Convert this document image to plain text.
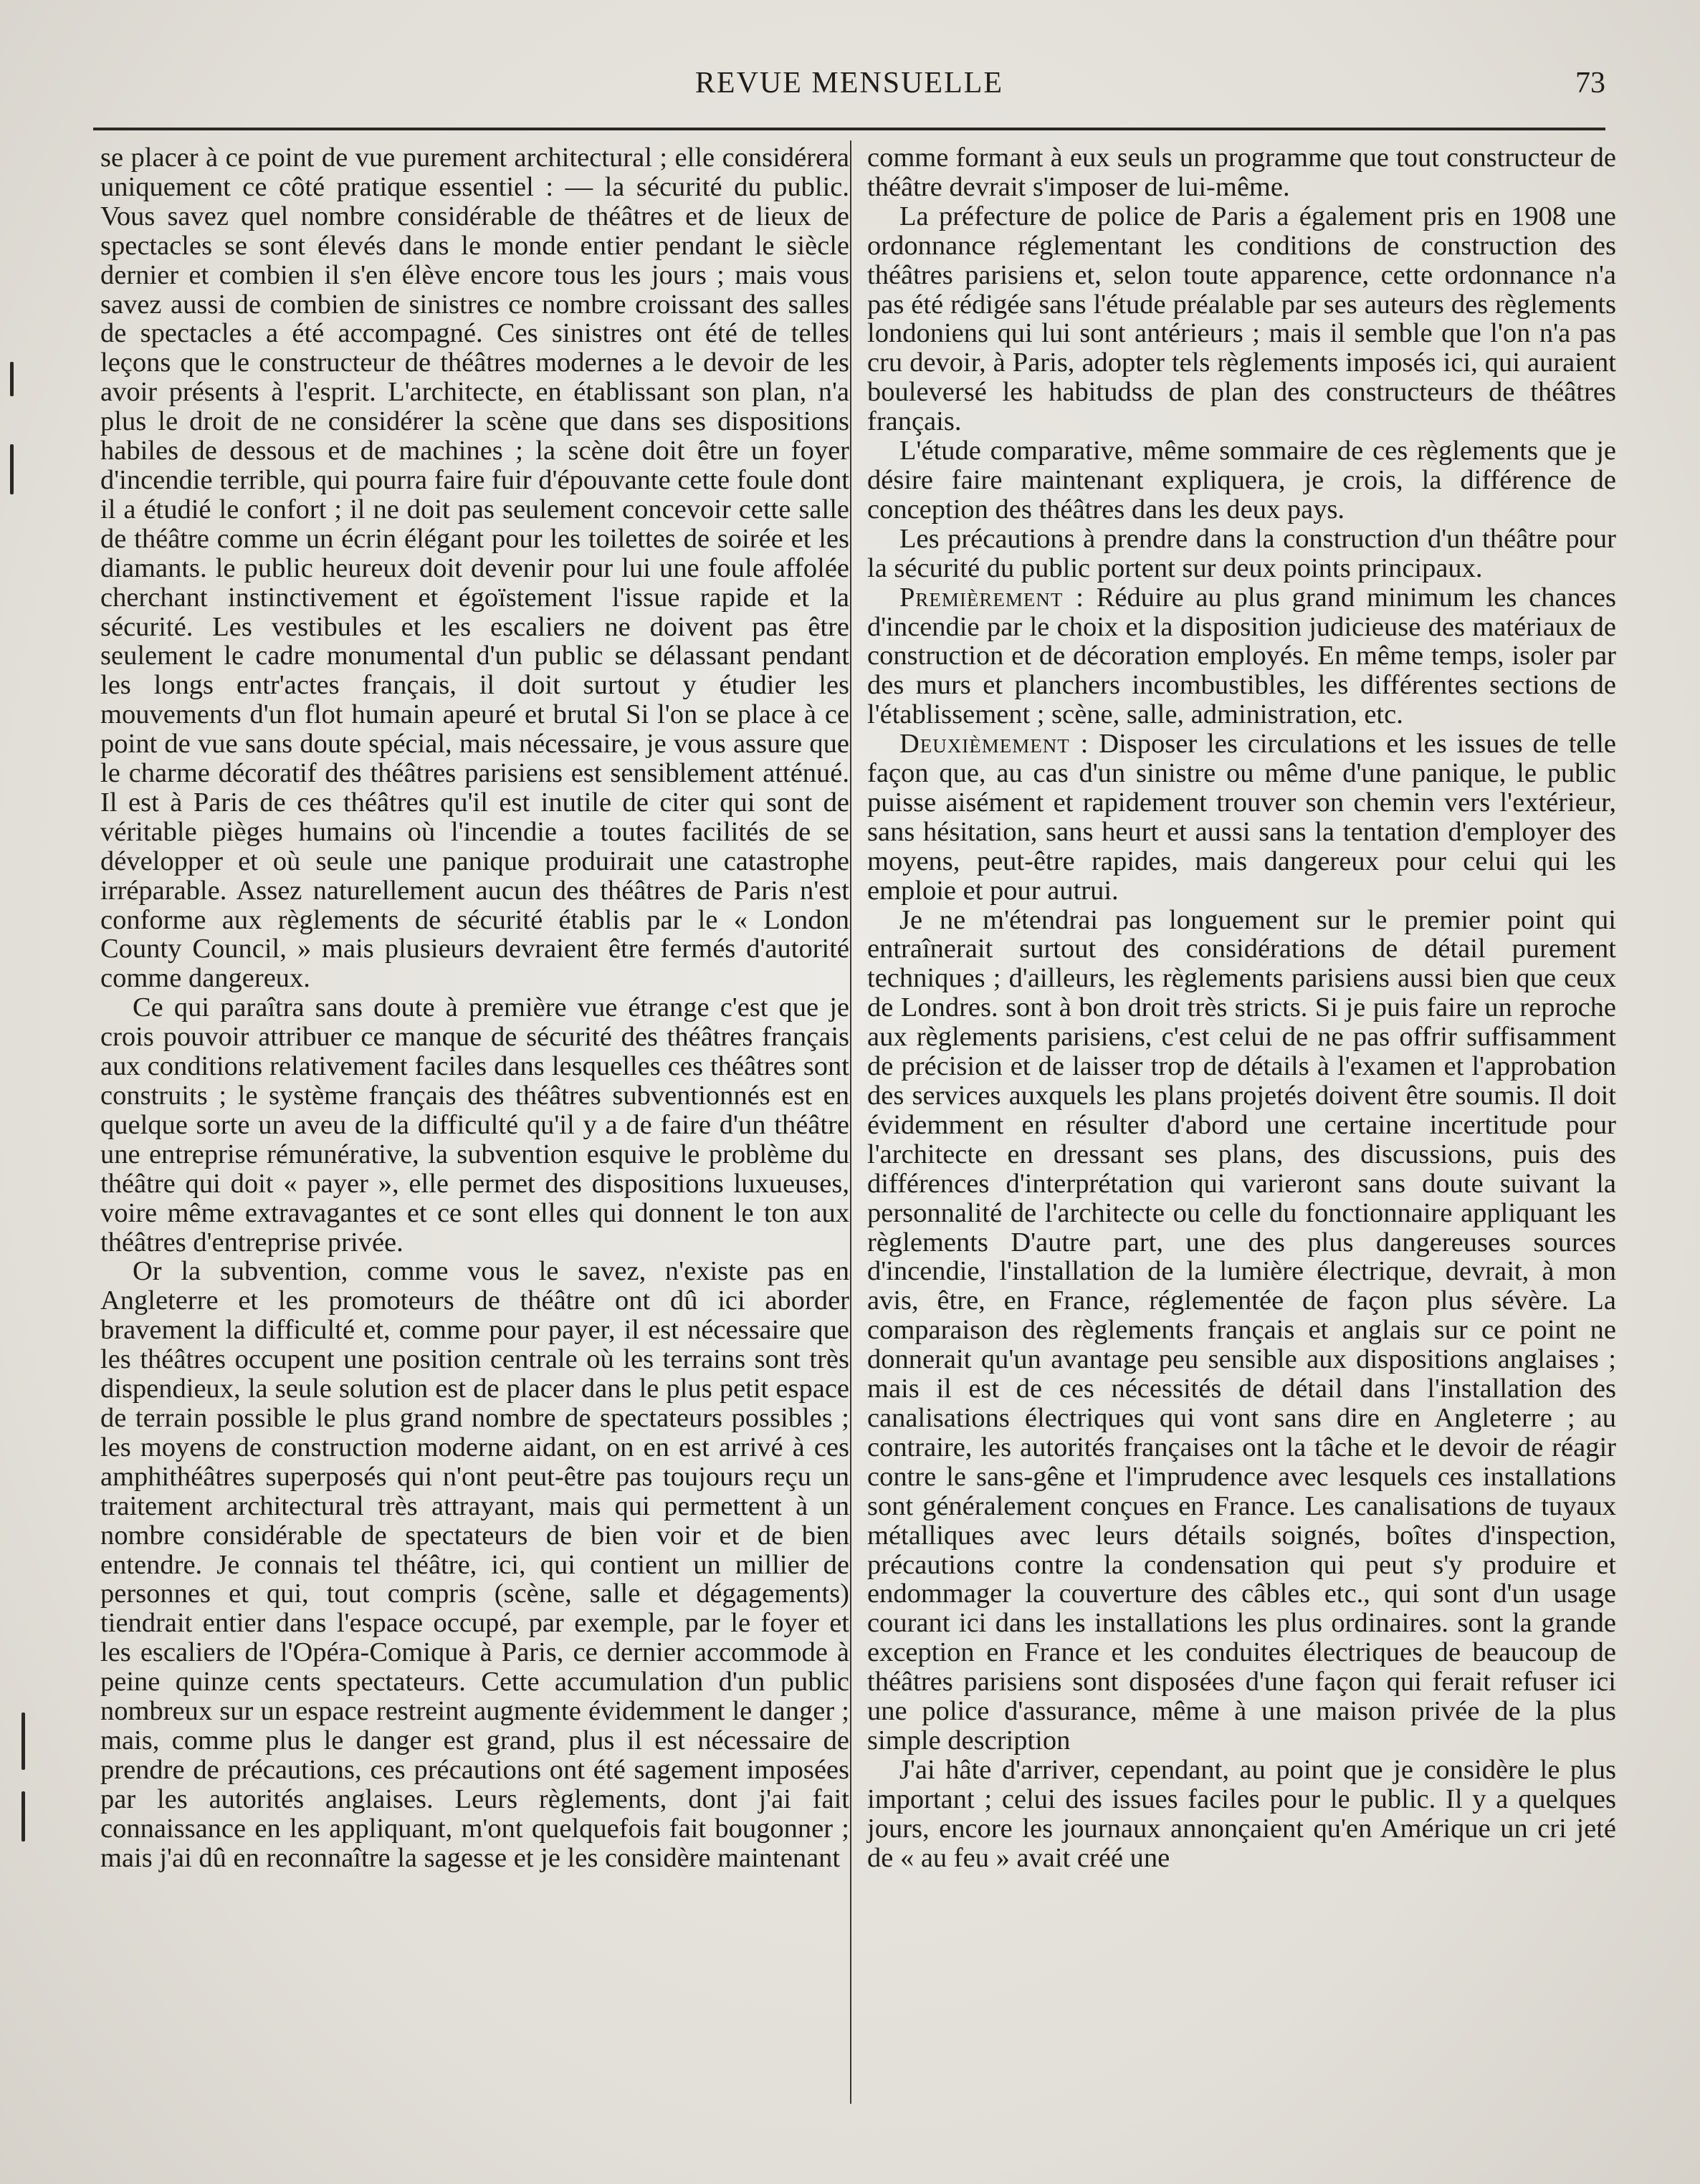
REVUE MENSUELLE	73

se placer à ce point de vue purement architectural ; elle considérera uniquement ce côté pratique essentiel : — la sécurité du public. Vous savez quel nombre considérable de théâtres et de lieux de spectacles se sont élevés dans le monde entier pendant le siècle dernier et combien il s'en élève encore tous les jours ; mais vous savez aussi de combien de sinistres ce nombre croissant des salles de spectacles a été accompagné. Ces sinistres ont été de telles leçons que le constructeur de théâtres modernes a le devoir de les avoir présents à l'esprit. L'architecte, en établissant son plan, n'a plus le droit de ne considérer la scène que dans ses dispositions habiles de dessous et de machines ; la scène doit être un foyer d'incendie terrible, qui pourra faire fuir d'épouvante cette foule dont il a étudié le confort ; il ne doit pas seulement concevoir cette salle de théâtre comme un écrin élégant pour les toilettes de soirée et les diamants. le public heureux doit devenir pour lui une foule affolée cherchant instinctivement et égoïstement l'issue rapide et la sécurité. Les vestibules et les escaliers ne doivent pas être seulement le cadre monumental d'un public se délassant pendant les longs entr'actes français, il doit surtout y étudier les mouvements d'un flot humain apeuré et brutal Si l'on se place à ce point de vue sans doute spécial, mais nécessaire, je vous assure que le charme décoratif des théâtres parisiens est sensiblement atténué. Il est à Paris de ces théâtres qu'il est inutile de citer qui sont de véritable pièges humains où l'incendie a toutes facilités de se développer et où seule une panique produirait une catastrophe irréparable. Assez naturellement aucun des théâtres de Paris n'est conforme aux règlements de sécurité établis par le « London County Council, » mais plusieurs devraient être fermés d'autorité comme dangereux.

Ce qui paraîtra sans doute à première vue étrange c'est que je crois pouvoir attribuer ce manque de sécurité des théâtres français aux conditions relativement faciles dans lesquelles ces théâtres sont construits ; le système français des théâtres subventionnés est en quelque sorte un aveu de la difficulté qu'il y a de faire d'un théâtre une entreprise rémunérative, la subvention esquive le problème du théâtre qui doit « payer », elle permet des dispositions luxueuses, voire même extravagantes et ce sont elles qui donnent le ton aux théâtres d'entreprise privée.

Or la subvention, comme vous le savez, n'existe pas en Angleterre et les promoteurs de théâtre ont dû ici aborder bravement la difficulté et, comme pour payer, il est nécessaire que les théâtres occupent une position centrale où les terrains sont très dispendieux, la seule solution est de placer dans le plus petit espace de terrain possible le plus grand nombre de spectateurs possibles ; les moyens de construction moderne aidant, on en est arrivé à ces amphithéâtres superposés qui n'ont peut-être pas toujours reçu un traitement architectural très attrayant, mais qui permettent à un nombre considérable de spectateurs de bien voir et de bien entendre. Je connais tel théâtre, ici, qui contient un millier de personnes et qui, tout compris (scène, salle et dégagements) tiendrait entier dans l'espace occupé, par exemple, par le foyer et les escaliers de l'Opéra-Comique à Paris, ce dernier accommode à peine quinze cents spectateurs. Cette accumulation d'un public nombreux sur un espace restreint augmente évidemment le danger ; mais, comme plus le danger est grand, plus il est nécessaire de prendre de précautions, ces précautions ont été sagement imposées par les autorités anglaises. Leurs règlements, dont j'ai fait connaissance en les appliquant, m'ont quelquefois fait bougonner ; mais j'ai dû en reconnaître la sagesse et je les considère maintenant

comme formant à eux seuls un programme que tout constructeur de théâtre devrait s'imposer de lui-même.

La préfecture de police de Paris a également pris en 1908 une ordonnance réglementant les conditions de construction des théâtres parisiens et, selon toute apparence, cette ordonnance n'a pas été rédigée sans l'étude préalable par ses auteurs des règlements londoniens qui lui sont antérieurs ; mais il semble que l'on n'a pas cru devoir, à Paris, adopter tels règlements imposés ici, qui auraient bouleversé les habitudss de plan des constructeurs de théâtres français.

L'étude comparative, même sommaire de ces règlements que je désire faire maintenant expliquera, je crois, la différence de conception des théâtres dans les deux pays.

Les précautions à prendre dans la construction d'un théâtre pour la sécurité du public portent sur deux points principaux.

Premièrement : Réduire au plus grand minimum les chances d'incendie par le choix et la disposition judicieuse des matériaux de construction et de décoration employés. En même temps, isoler par des murs et planchers incombustibles, les différentes sections de l'établissement ; scène, salle, administration, etc.

Deuxièmement : Disposer les circulations et les issues de telle façon que, au cas d'un sinistre ou même d'une panique, le public puisse aisément et rapidement trouver son chemin vers l'extérieur, sans hésitation, sans heurt et aussi sans la tentation d'employer des moyens, peut-être rapides, mais dangereux pour celui qui les emploie et pour autrui.

Je ne m'étendrai pas longuement sur le premier point qui entraînerait surtout des considérations de détail purement techniques ; d'ailleurs, les règlements parisiens aussi bien que ceux de Londres. sont à bon droit très stricts. Si je puis faire un reproche aux règlements parisiens, c'est celui de ne pas offrir suffisamment de précision et de laisser trop de détails à l'examen et l'approbation des services auxquels les plans projetés doivent être soumis. Il doit évidemment en résulter d'abord une certaine incertitude pour l'architecte en dressant ses plans, des discussions, puis des différences d'interprétation qui varieront sans doute suivant la personnalité de l'architecte ou celle du fonctionnaire appliquant les règlements D'autre part, une des plus dangereuses sources d'incendie, l'installation de la lumière électrique, devrait, à mon avis, être, en France, réglementée de façon plus sévère. La comparaison des règlements français et anglais sur ce point ne donnerait qu'un avantage peu sensible aux dispositions anglaises ; mais il est de ces nécessités de détail dans l'installation des canalisations électriques qui vont sans dire en Angleterre ; au contraire, les autorités françaises ont la tâche et le devoir de réagir contre le sans-gêne et l'imprudence avec lesquels ces installations sont généralement conçues en France. Les canalisations de tuyaux métalliques avec leurs détails soignés, boîtes d'inspection, précautions contre la condensation qui peut s'y produire et endommager la couverture des câbles etc., qui sont d'un usage courant ici dans les installations les plus ordinaires. sont la grande exception en France et les conduites électriques de beaucoup de théâtres parisiens sont disposées d'une façon qui ferait refuser ici une police d'assurance, même à une maison privée de la plus simple description

J'ai hâte d'arriver, cependant, au point que je considère le plus important ; celui des issues faciles pour le public. Il y a quelques jours, encore les journaux annonçaient qu'en Amérique un cri jeté de « au feu » avait créé une
